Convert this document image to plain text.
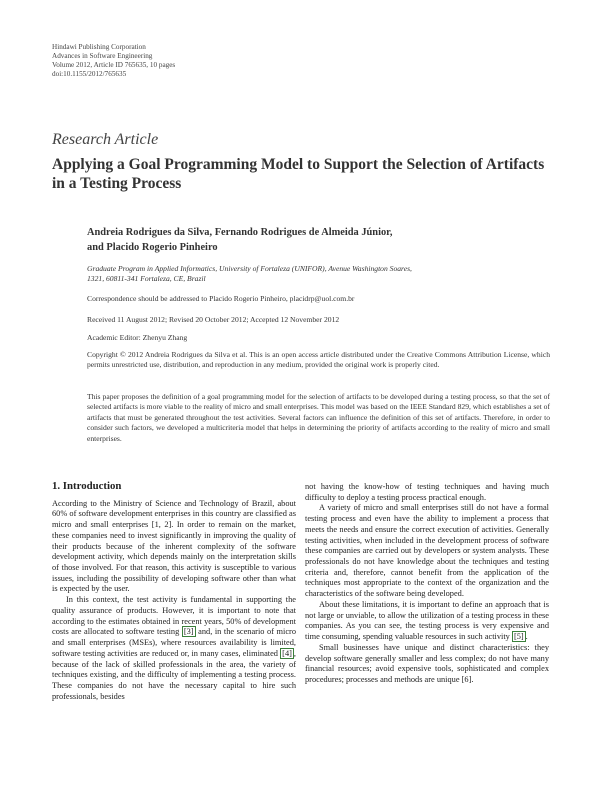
Hindawi Publishing Corporation
Advances in Software Engineering
Volume 2012, Article ID 765635, 10 pages
doi:10.1155/2012/765635
Research Article
Applying a Goal Programming Model to Support the Selection of Artifacts in a Testing Process
Andreia Rodrigues da Silva, Fernando Rodrigues de Almeida Júnior,
and Placido Rogerio Pinheiro
Graduate Program in Applied Informatics, University of Fortaleza (UNIFOR), Avenue Washington Soares,
1321, 60811-341 Fortaleza, CE, Brazil
Correspondence should be addressed to Placido Rogerio Pinheiro, placidrp@uol.com.br
Received 11 August 2012; Revised 20 October 2012; Accepted 12 November 2012
Academic Editor: Zhenyu Zhang
Copyright © 2012 Andreia Rodrigues da Silva et al. This is an open access article distributed under the Creative Commons Attribution License, which permits unrestricted use, distribution, and reproduction in any medium, provided the original work is properly cited.
This paper proposes the definition of a goal programming model for the selection of artifacts to be developed during a testing process, so that the set of selected artifacts is more viable to the reality of micro and small enterprises. This model was based on the IEEE Standard 829, which establishes a set of artifacts that must be generated throughout the test activities. Several factors can influence the definition of this set of artifacts. Therefore, in order to consider such factors, we developed a multicriteria model that helps in determining the priority of artifacts according to the reality of micro and small enterprises.
1. Introduction

According to the Ministry of Science and Technology of Brazil, about 60% of software development enterprises in this country are classified as micro and small enterprises [1, 2]. In order to remain on the market, these companies need to invest significantly in improving the quality of their products because of the inherent complexity of the software development activity, which depends mainly on the interpretation skills of those involved. For that reason, this activity is susceptible to various issues, including the possibility of developing software other than what is expected by the user.

In this context, the test activity is fundamental in supporting the quality assurance of products. However, it is important to note that according to the estimates obtained in recent years, 50% of development costs are allocated to software testing [3] and, in the scenario of micro and small enterprises (MSEs), where resources availability is limited, software testing activities are reduced or, in many cases, eliminated [4] , because of the lack of skilled professionals in the area, the variety of techniques existing, and the difficulty of implementing a testing process. These companies do not have the necessary capital to hire such professionals, besides

not having the know-how of testing techniques and having much difficulty to deploy a testing process practical enough.

A variety of micro and small enterprises still do not have a formal testing process and even have the ability to implement a process that meets the needs and ensure the correct execution of activities. Generally testing activities, when included in the development process of software these companies are carried out by developers or system analysts. These professionals do not have knowledge about the techniques and testing criteria and, therefore, cannot benefit from the application of the techniques most appropriate to the context of the organization and the characteristics of the software being developed.

About these limitations, it is important to define an approach that is not large or unviable, to allow the utilization of a testing process in these companies. As you can see, the testing process is very expensive and time consuming, spending valuable resources in such activity [5] .

Small businesses have unique and distinct characteristics: they develop software generally smaller and less complex; do not have many financial resources; avoid expensive tools, sophisticated and complex procedures; processes and methods are unique [6].
